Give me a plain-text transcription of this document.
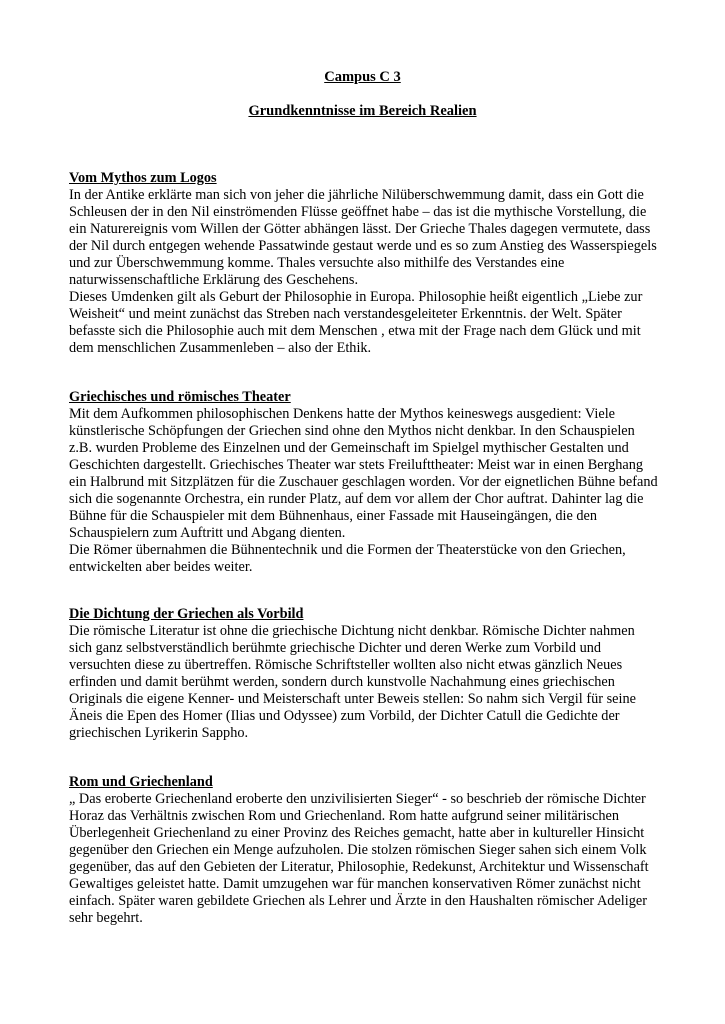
Campus C 3
Grundkenntnisse im Bereich Realien
Vom Mythos zum Logos

In der Antike erklärte man sich von jeher die jährliche Nilüberschwemmung damit, dass ein Gott die Schleusen der in den Nil einströmenden Flüsse geöffnet habe – das ist die mythische Vorstellung, die ein Naturereignis vom Willen der Götter abhängen lässt. Der Grieche Thales dagegen vermutete, dass der Nil durch entgegen wehende Passatwinde gestaut werde und es so zum Anstieg des Wasserspiegels und zur Überschwemmung komme. Thales versuchte also mithilfe des Verstandes eine naturwissenschaftliche Erklärung des Geschehens.

Dieses Umdenken gilt als Geburt der Philosophie in Europa. Philosophie heißt eigentlich „Liebe zur Weisheit“ und meint zunächst das Streben nach verstandesgeleiteter Erkenntnis. der Welt. Später befasste sich die Philosophie auch mit dem Menschen , etwa mit der Frage nach dem Glück und mit dem menschlichen Zusammenleben – also der Ethik.

Griechisches und römisches Theater

Mit dem Aufkommen philosophischen Denkens hatte der Mythos keineswegs ausgedient: Viele künstlerische Schöpfungen der Griechen sind ohne den Mythos nicht denkbar. In den Schauspielen z.B. wurden Probleme des Einzelnen und der Gemeinschaft im Spielgel mythischer Gestalten und Geschichten dargestellt. Griechisches Theater war stets Freilufttheater: Meist war in einen Berghang ein Halbrund mit Sitzplätzen für die Zuschauer geschlagen worden. Vor der eignetlichen Bühne befand sich die sogenannte Orchestra, ein runder Platz, auf dem vor allem der Chor auftrat. Dahinter lag die Bühne für die Schauspieler mit dem Bühnenhaus, einer Fassade mit Hauseingängen, die den Schauspielern zum Auftritt und Abgang dienten.

Die Römer übernahmen die Bühnentechnik und die Formen der Theaterstücke von den Griechen, entwickelten aber beides weiter.

Die Dichtung der Griechen als Vorbild

Die römische Literatur ist ohne die griechische Dichtung nicht denkbar. Römische Dichter nahmen sich ganz selbstverständlich berühmte griechische Dichter und deren Werke zum Vorbild und versuchten diese zu übertreffen. Römische Schriftsteller wollten also nicht etwas gänzlich Neues erfinden und damit berühmt werden, sondern durch kunstvolle Nachahmung eines griechischen Originals die eigene Kenner- und Meisterschaft unter Beweis stellen: So nahm sich Vergil für seine Äneis die Epen des Homer (Ilias und Odyssee) zum Vorbild, der Dichter Catull die Gedichte der griechischen Lyrikerin Sappho.

Rom und Griechenland

„ Das eroberte Griechenland eroberte den unzivilisierten Sieger“ - so beschrieb der römische Dichter Horaz das Verhältnis zwischen Rom und Griechenland. Rom hatte aufgrund seiner militärischen Überlegenheit Griechenland zu einer Provinz des Reiches gemacht, hatte aber in kultureller Hinsicht gegenüber den Griechen ein Menge aufzuholen. Die stolzen römischen Sieger sahen sich einem Volk gegenüber, das auf den Gebieten der Literatur, Philosophie, Redekunst, Architektur und Wissenschaft Gewaltiges geleistet hatte. Damit umzugehen war für manchen konservativen Römer zunächst nicht einfach. Später waren gebildete Griechen als Lehrer und Ärzte in den Haushalten römischer Adeliger sehr begehrt.
